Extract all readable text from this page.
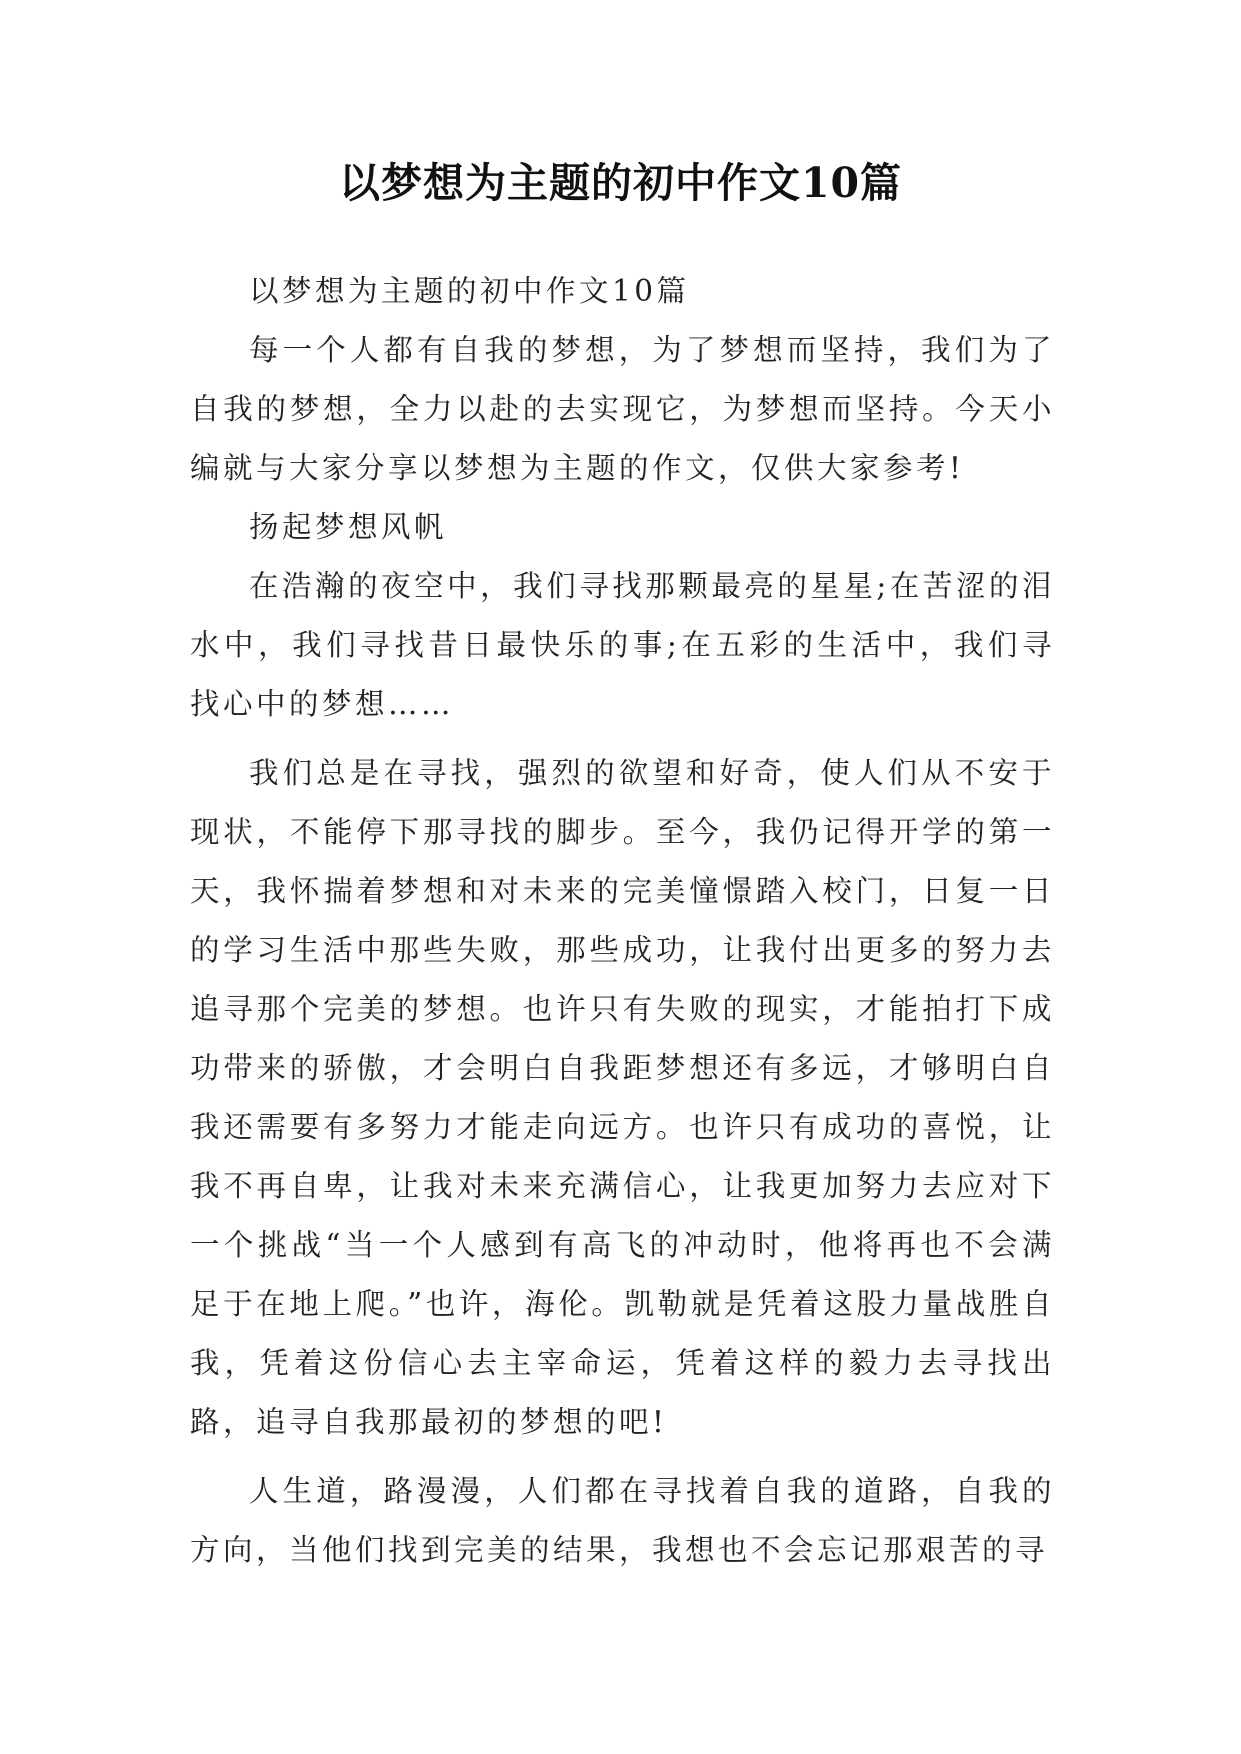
以梦想为主题的初中作文10篇

以梦想为主题的初中作文10篇

每一个人都有自我的梦想，为了梦想而坚持，我们为了自我的梦想，全力以赴的去实现它，为梦想而坚持。今天小编就与大家分享以梦想为主题的作文，仅供大家参考!

扬起梦想风帆

在浩瀚的夜空中，我们寻找那颗最亮的星星;在苦涩的泪水中，我们寻找昔日最快乐的事;在五彩的生活中，我们寻找心中的梦想……

我们总是在寻找，强烈的欲望和好奇，使人们从不安于现状，不能停下那寻找的脚步。至今，我仍记得开学的第一天，我怀揣着梦想和对未来的完美憧憬踏入校门，日复一日的学习生活中那些失败，那些成功，让我付出更多的努力去追寻那个完美的梦想。也许只有失败的现实，才能拍打下成功带来的骄傲，才会明白自我距梦想还有多远，才够明白自我还需要有多努力才能走向远方。也许只有成功的喜悦，让我不再自卑，让我对未来充满信心，让我更加努力去应对下一个挑战“当一个人感到有高飞的冲动时，他将再也不会满足于在地上爬。”也许，海伦。凯勒就是凭着这股力量战胜自我，凭着这份信心去主宰命运，凭着这样的毅力去寻找出路，追寻自我那最初的梦想的吧!

人生道，路漫漫，人们都在寻找着自我的道路，自我的方向，当他们找到完美的结果，我想也不会忘记那艰苦的寻
